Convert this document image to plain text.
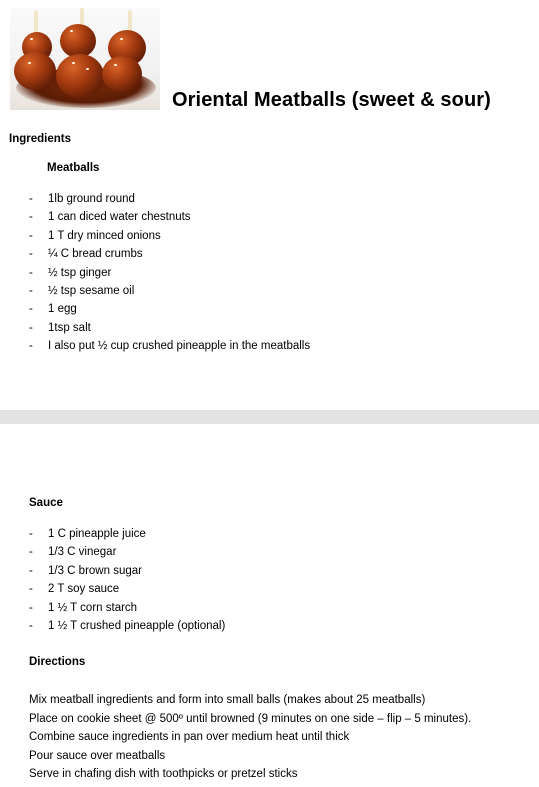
Oriental Meatballs (sweet & sour)
Ingredients
Meatballs
- 1lb ground round
- 1 can diced water chestnuts
- 1 T dry minced onions
- ¼ C bread crumbs
- ½ tsp ginger
- ½ tsp sesame oil
- 1 egg
- 1tsp salt
- I also put ½ cup crushed pineapple in the meatballs
Sauce
- 1 C pineapple juice
- 1/3 C vinegar
- 1/3 C brown sugar
- 2 T soy sauce
- 1 ½ T corn starch
- 1 ½ T crushed pineapple (optional)
Directions
Mix meatball ingredients and form into small balls (makes about 25 meatballs)
Place on cookie sheet @ 500º until browned (9 minutes on one side – flip – 5 minutes).
Combine sauce ingredients in pan over medium heat until thick
Pour sauce over meatballs
Serve in chafing dish with toothpicks or pretzel sticks
